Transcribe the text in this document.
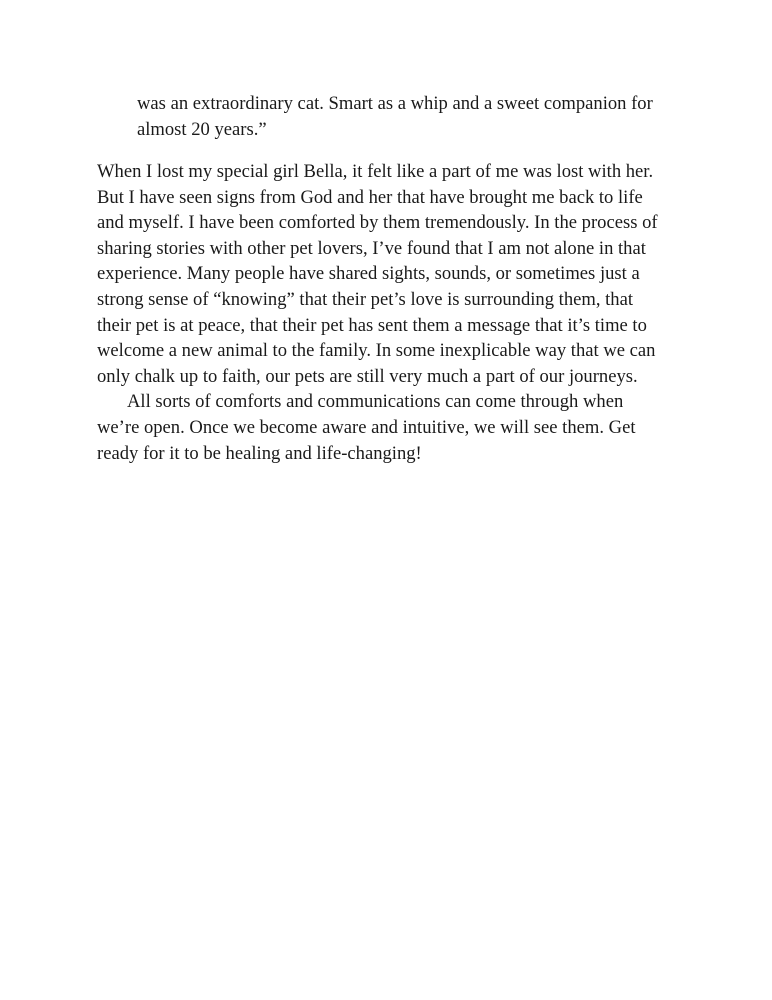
was an extraordinary cat. Smart as a whip and a sweet companion for
almost 20 years.”
When I lost my special girl Bella, it felt like a part of me was lost with her.
But I have seen signs from God and her that have brought me back to life
and myself. I have been comforted by them tremendously. In the process of
sharing stories with other pet lovers, I’ve found that I am not alone in that
experience. Many people have shared sights, sounds, or sometimes just a
strong sense of “knowing” that their pet’s love is surrounding them, that
their pet is at peace, that their pet has sent them a message that it’s time to
welcome a new animal to the family. In some inexplicable way that we can
only chalk up to faith, our pets are still very much a part of our journeys.
All sorts of comforts and communications can come through when
we’re open. Once we become aware and intuitive, we will see them. Get
ready for it to be healing and life-changing!
